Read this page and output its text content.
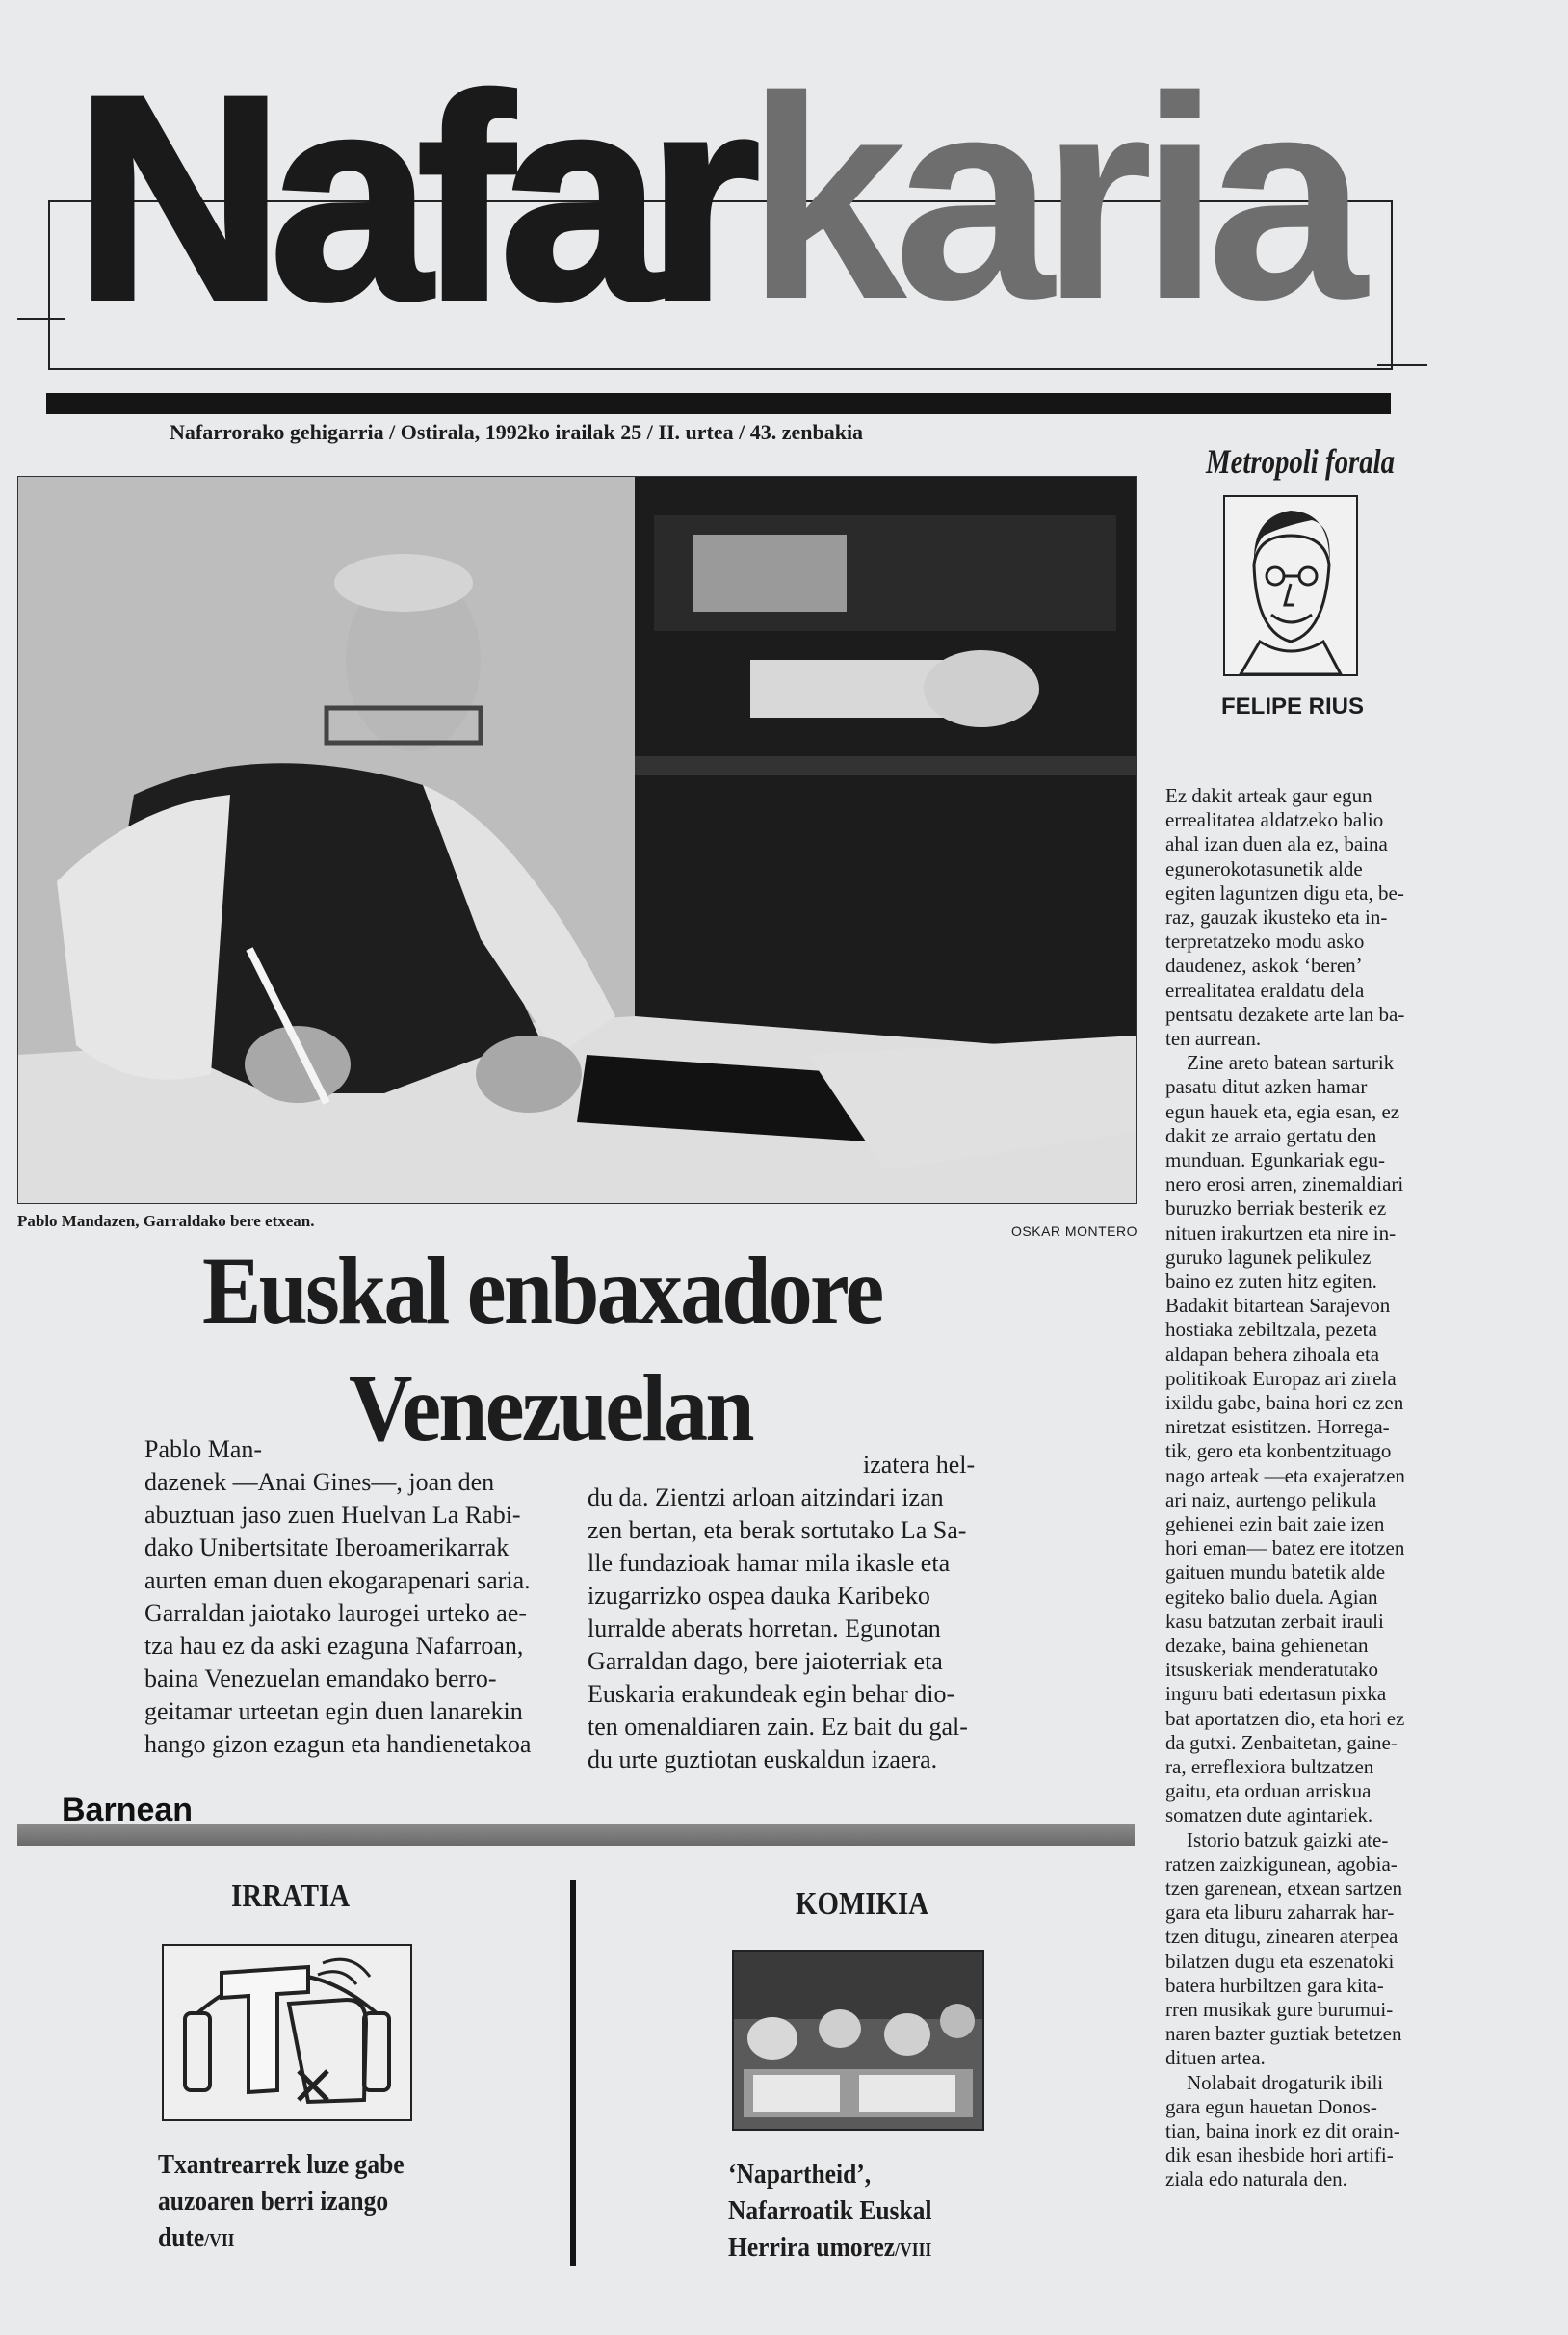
Nafarkaria
Nafarrorako gehigarria / Ostirala, 1992ko irailak 25 / II. urtea / 43. zenbakia
Pablo Mandazen, Garraldako bere etxean.
OSKAR MONTERO
Euskal enbaxadore
Venezuelan
Pablo Man-
dazenek —Anai Gines—, joan den
abuztuan jaso zuen Huelvan La Rabi-
dako Unibertsitate Iberoamerikarrak
aurten eman duen ekogarapenari saria.
Garraldan jaiotako laurogei urteko ae-
tza hau ez da aski ezaguna Nafarroan,
baina Venezuelan emandako berro-
geitamar urteetan egin duen lanarekin
hango gizon ezagun eta handienetakoa
izatera hel-
du da. Zientzi arloan aitzindari izan
zen bertan, eta berak sortutako La Sa-
lle fundazioak hamar mila ikasle eta
izugarrizko ospea dauka Karibeko
lurralde aberats horretan. Egunotan
Garraldan dago, bere jaioterriak eta
Euskaria erakundeak egin behar dio-
ten omenaldiaren zain. Ez bait du gal-
du urte guztiotan euskaldun izaera.
Barnean
IRRATIA
Txantrearrek luze gabe
auzoaren berri izango
dute/VII
KOMIKIA
‘Napartheid’,
Nafarroatik Euskal
Herrira umorez/VIII
Metropoli forala
FELIPE RIUS
Ez dakit arteak gaur egun
errealitatea aldatzeko balio
ahal izan duen ala ez, baina
egunerokotasunetik alde
egiten laguntzen digu eta, be-
raz, gauzak ikusteko eta in-
terpretatzeko modu asko
daudenez, askok ‘beren’
errealitatea eraldatu dela
pentsatu dezakete arte lan ba-
ten aurrean.
Zine areto batean sarturik
pasatu ditut azken hamar
egun hauek eta, egia esan, ez
dakit ze arraio gertatu den
munduan. Egunkariak egu-
nero erosi arren, zinemaldiari
buruzko berriak besterik ez
nituen irakurtzen eta nire in-
guruko lagunek pelikulez
baino ez zuten hitz egiten.
Badakit bitartean Sarajevon
hostiaka zebiltzala, pezeta
aldapan behera zihoala eta
politikoak Europaz ari zirela
ixildu gabe, baina hori ez zen
niretzat esistitzen. Horrega-
tik, gero eta konbentzituago
nago arteak —eta exajeratzen
ari naiz, aurtengo pelikula
gehienei ezin bait zaie izen
hori eman— batez ere itotzen
gaituen mundu batetik alde
egiteko balio duela. Agian
kasu batzutan zerbait irauli
dezake, baina gehienetan
itsuskeriak menderatutako
inguru bati edertasun pixka
bat aportatzen dio, eta hori ez
da gutxi. Zenbaitetan, gaine-
ra, erreflexiora bultzatzen
gaitu, eta orduan arriskua
somatzen dute agintariek.
Istorio batzuk gaizki ate-
ratzen zaizkigunean, agobia-
tzen garenean, etxean sartzen
gara eta liburu zaharrak har-
tzen ditugu, zinearen aterpea
bilatzen dugu eta eszenatoki
batera hurbiltzen gara kita-
rren musikak gure burumui-
naren bazter guztiak betetzen
dituen artea.
Nolabait drogaturik ibili
gara egun hauetan Donos-
tian, baina inork ez dit orain-
dik esan ihesbide hori artifi-
ziala edo naturala den.
